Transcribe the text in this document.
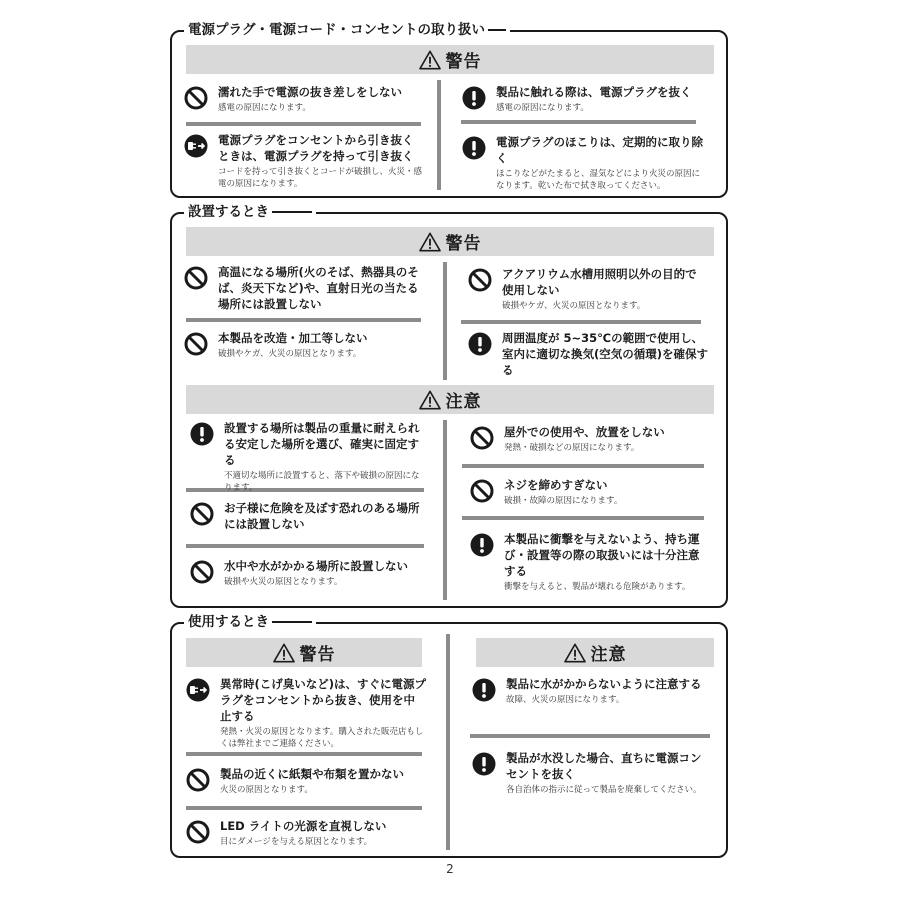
電源プラグ・電源コード・コンセントの取り扱い
警告
濡れた手で電源の抜き差しをしない
感電の原因になります。
電源プラグをコンセントから引き抜くときは、電源プラグを持って引き抜く
コードを持って引き抜くとコードが破損し、火災・感電の原因になります。
製品に触れる際は、電源プラグを抜く
感電の原因になります。
電源プラグのほこりは、定期的に取り除く
ほこりなどがたまると、湿気などにより火災の原因になります。乾いた布で拭き取ってください。
設置するとき
警告
高温になる場所(火のそば、熱器具のそば、炎天下など)や、直射日光の当たる場所には設置しない
本製品を改造・加工等しない
破損やケガ、火災の原因となります。
アクアリウム水槽用照明以外の目的で使用しない
破損やケガ、火災の原因となります。
周囲温度が 5~35℃の範囲で使用し、室内に適切な換気(空気の循環)を確保する
注意
設置する場所は製品の重量に耐えられる安定した場所を選び、確実に固定する
不適切な場所に設置すると、落下や破損の原因になります。
お子様に危険を及ぼす恐れのある場所には設置しない
水中や水がかかる場所に設置しない
破損や火災の原因となります。
屋外での使用や、放置をしない
発熱・破損などの原因になります。
ネジを締めすぎない
破損・故障の原因になります。
本製品に衝撃を与えないよう、持ち運び・設置等の際の取扱いには十分注意する
衝撃を与えると、製品が壊れる危険があります。
使用するとき
警告	注意
異常時(こげ臭いなど)は、すぐに電源プラグをコンセントから抜き、使用を中止する
発熱・火災の原因となります。購入された販売店もしくは弊社までご連絡ください。
製品の近くに紙類や布類を置かない
火災の原因となります。
LED ライトの光源を直視しない
目にダメージを与える原因となります。
製品に水がかからないように注意する
故障、火災の原因になります。
製品が水没した場合、直ちに電源コンセントを抜く
各自治体の指示に従って製品を廃棄してください。
2
